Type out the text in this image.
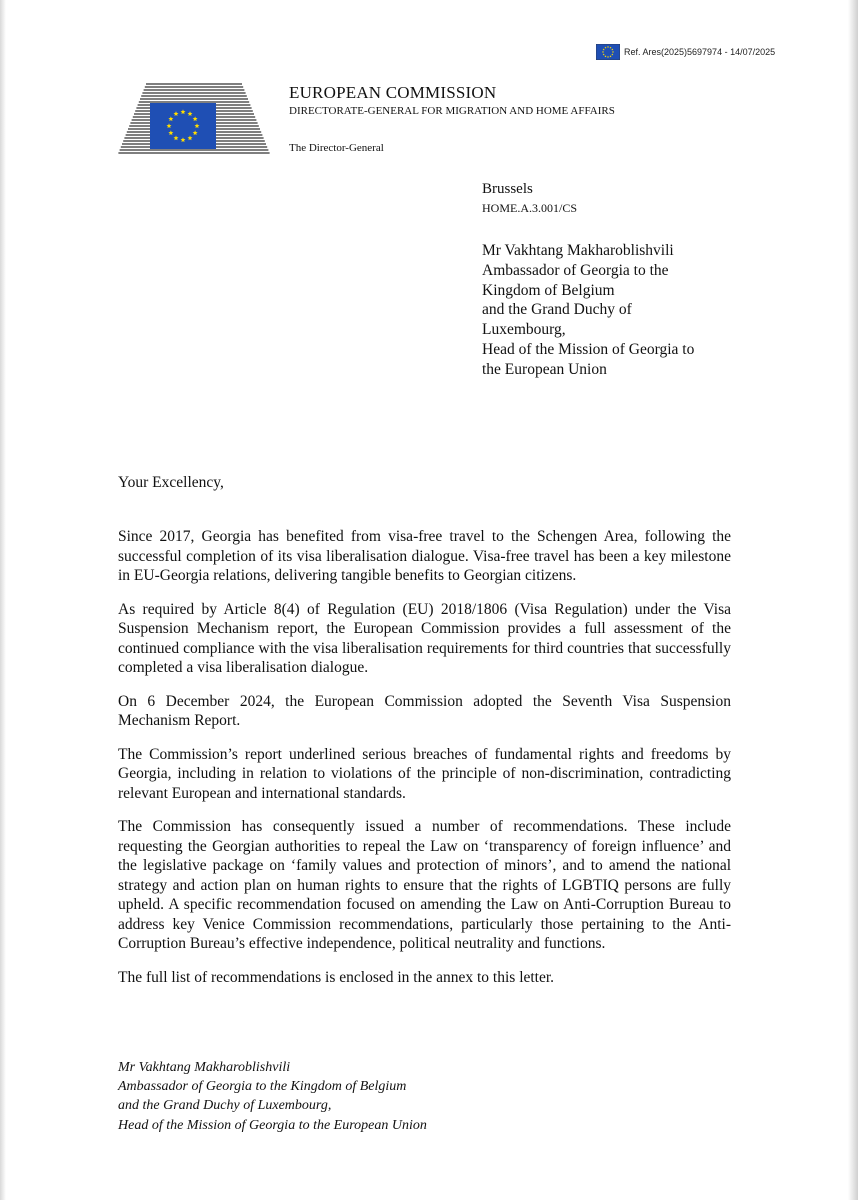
Ref. Ares(2025)5697974 - 14/07/2025
EUROPEAN COMMISSION
DIRECTORATE-GENERAL FOR MIGRATION AND HOME AFFAIRS
The Director-General
Brussels
HOME.A.3.001/CS
Mr Vakhtang Makharoblishvili
Ambassador of Georgia to the
Kingdom of Belgium
and the Grand Duchy of
Luxembourg,
Head of the Mission of Georgia to
the European Union
Your Excellency,

Since 2017, Georgia has benefited from visa-free travel to the Schengen Area, following the successful completion of its visa liberalisation dialogue. Visa-free travel has been a key milestone in EU-Georgia relations, delivering tangible benefits to Georgian citizens.

As required by Article 8(4) of Regulation (EU) 2018/1806 (Visa Regulation) under the Visa Suspension Mechanism report, the European Commission provides a full assessment of the continued compliance with the visa liberalisation requirements for third countries that successfully completed a visa liberalisation dialogue.

On 6 December 2024, the European Commission adopted the Seventh Visa Suspension Mechanism Report.

The Commission’s report underlined serious breaches of fundamental rights and freedoms by Georgia, including in relation to violations of the principle of non-discrimination, contradicting relevant European and international standards.

The Commission has consequently issued a number of recommendations. These include requesting the Georgian authorities to repeal the Law on ‘transparency of foreign influence’ and the legislative package on ‘family values and protection of minors’, and to amend the national strategy and action plan on human rights to ensure that the rights of LGBTIQ persons are fully upheld. A specific recommendation focused on amending the Law on Anti-Corruption Bureau to address key Venice Commission recommendations, particularly those pertaining to the Anti-Corruption Bureau’s effective independence, political neutrality and functions.

The full list of recommendations is enclosed in the annex to this letter.

Mr Vakhtang Makharoblishvili
Ambassador of Georgia to the Kingdom of Belgium
and the Grand Duchy of Luxembourg,
Head of the Mission of Georgia to the European Union
